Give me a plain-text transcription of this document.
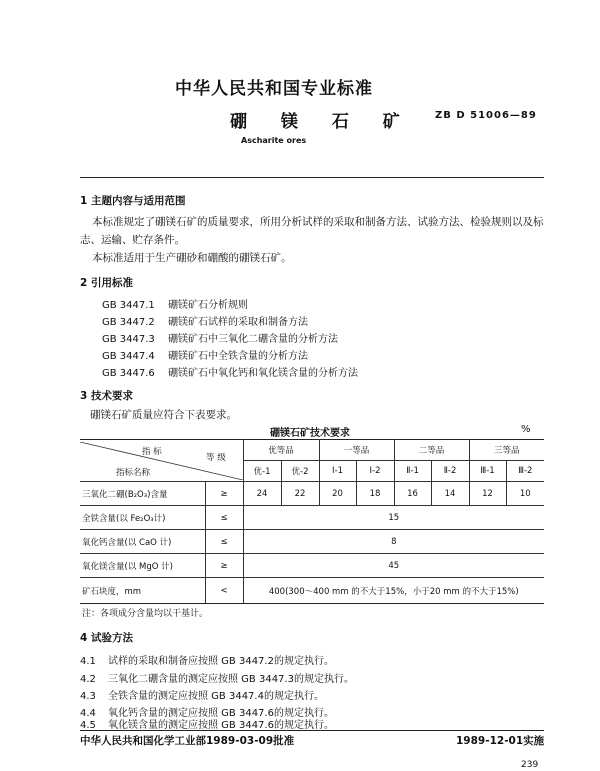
中华人民共和国专业标准
硼 镁 石 矿 ZB D 51006—89
Ascharite ores
1 主题内容与适用范围
本标准规定了硼镁石矿的质量要求，所用分析试样的采取和制备方法、试验方法、检验规则以及标
志、运输、贮存条件。
本标准适用于生产硼砂和硼酸的硼镁石矿。
2 引用标准
GB 3447.1 硼镁矿石分析规则
GB 3447.2 硼镁矿石试样的采取和制备方法
GB 3447.3 硼镁矿石中三氧化二硼含量的分析方法
GB 3447.4 硼镁矿石中全铁含量的分析方法
GB 3447.6 硼镁矿石中氧化钙和氧化镁含量的分析方法
3 技术要求
硼镁石矿质量应符合下表要求。
硼镁石矿技术要求	%
指 标
等 级
指标名称		优等品		一等品		二等品		三等品	
		优-1	优-2	Ⅰ-1	Ⅰ-2	Ⅱ-1	Ⅱ-2	Ⅲ-1	Ⅲ-2
三氧化二硼(B₂O₃)含量	≥	24	22	20	18	16	14	12	10
全铁含量(以 Fe₂O₃计)	≤	15							
氧化钙含量(以 CaO 计)	≤	8							
氧化镁含量(以 MgO 计)	≥	45							
矿石块度，mm	<	400(300～400 mm 的不大于15%，小于20 mm 的不大于15%)							
注：各项成分含量均以干基计。
4 试验方法
4.1 试样的采取和制备应按照 GB 3447.2的规定执行。
4.2 三氧化二硼含量的测定应按照 GB 3447.3的规定执行。
4.3 全铁含量的测定应按照 GB 3447.4的规定执行。
4.4 氧化钙含量的测定应按照 GB 3447.6的规定执行。
4.5 氧化镁含量的测定应按照 GB 3447.6的规定执行。
中华人民共和国化学工业部1989-03-09批准	1989-12-01实施
239
